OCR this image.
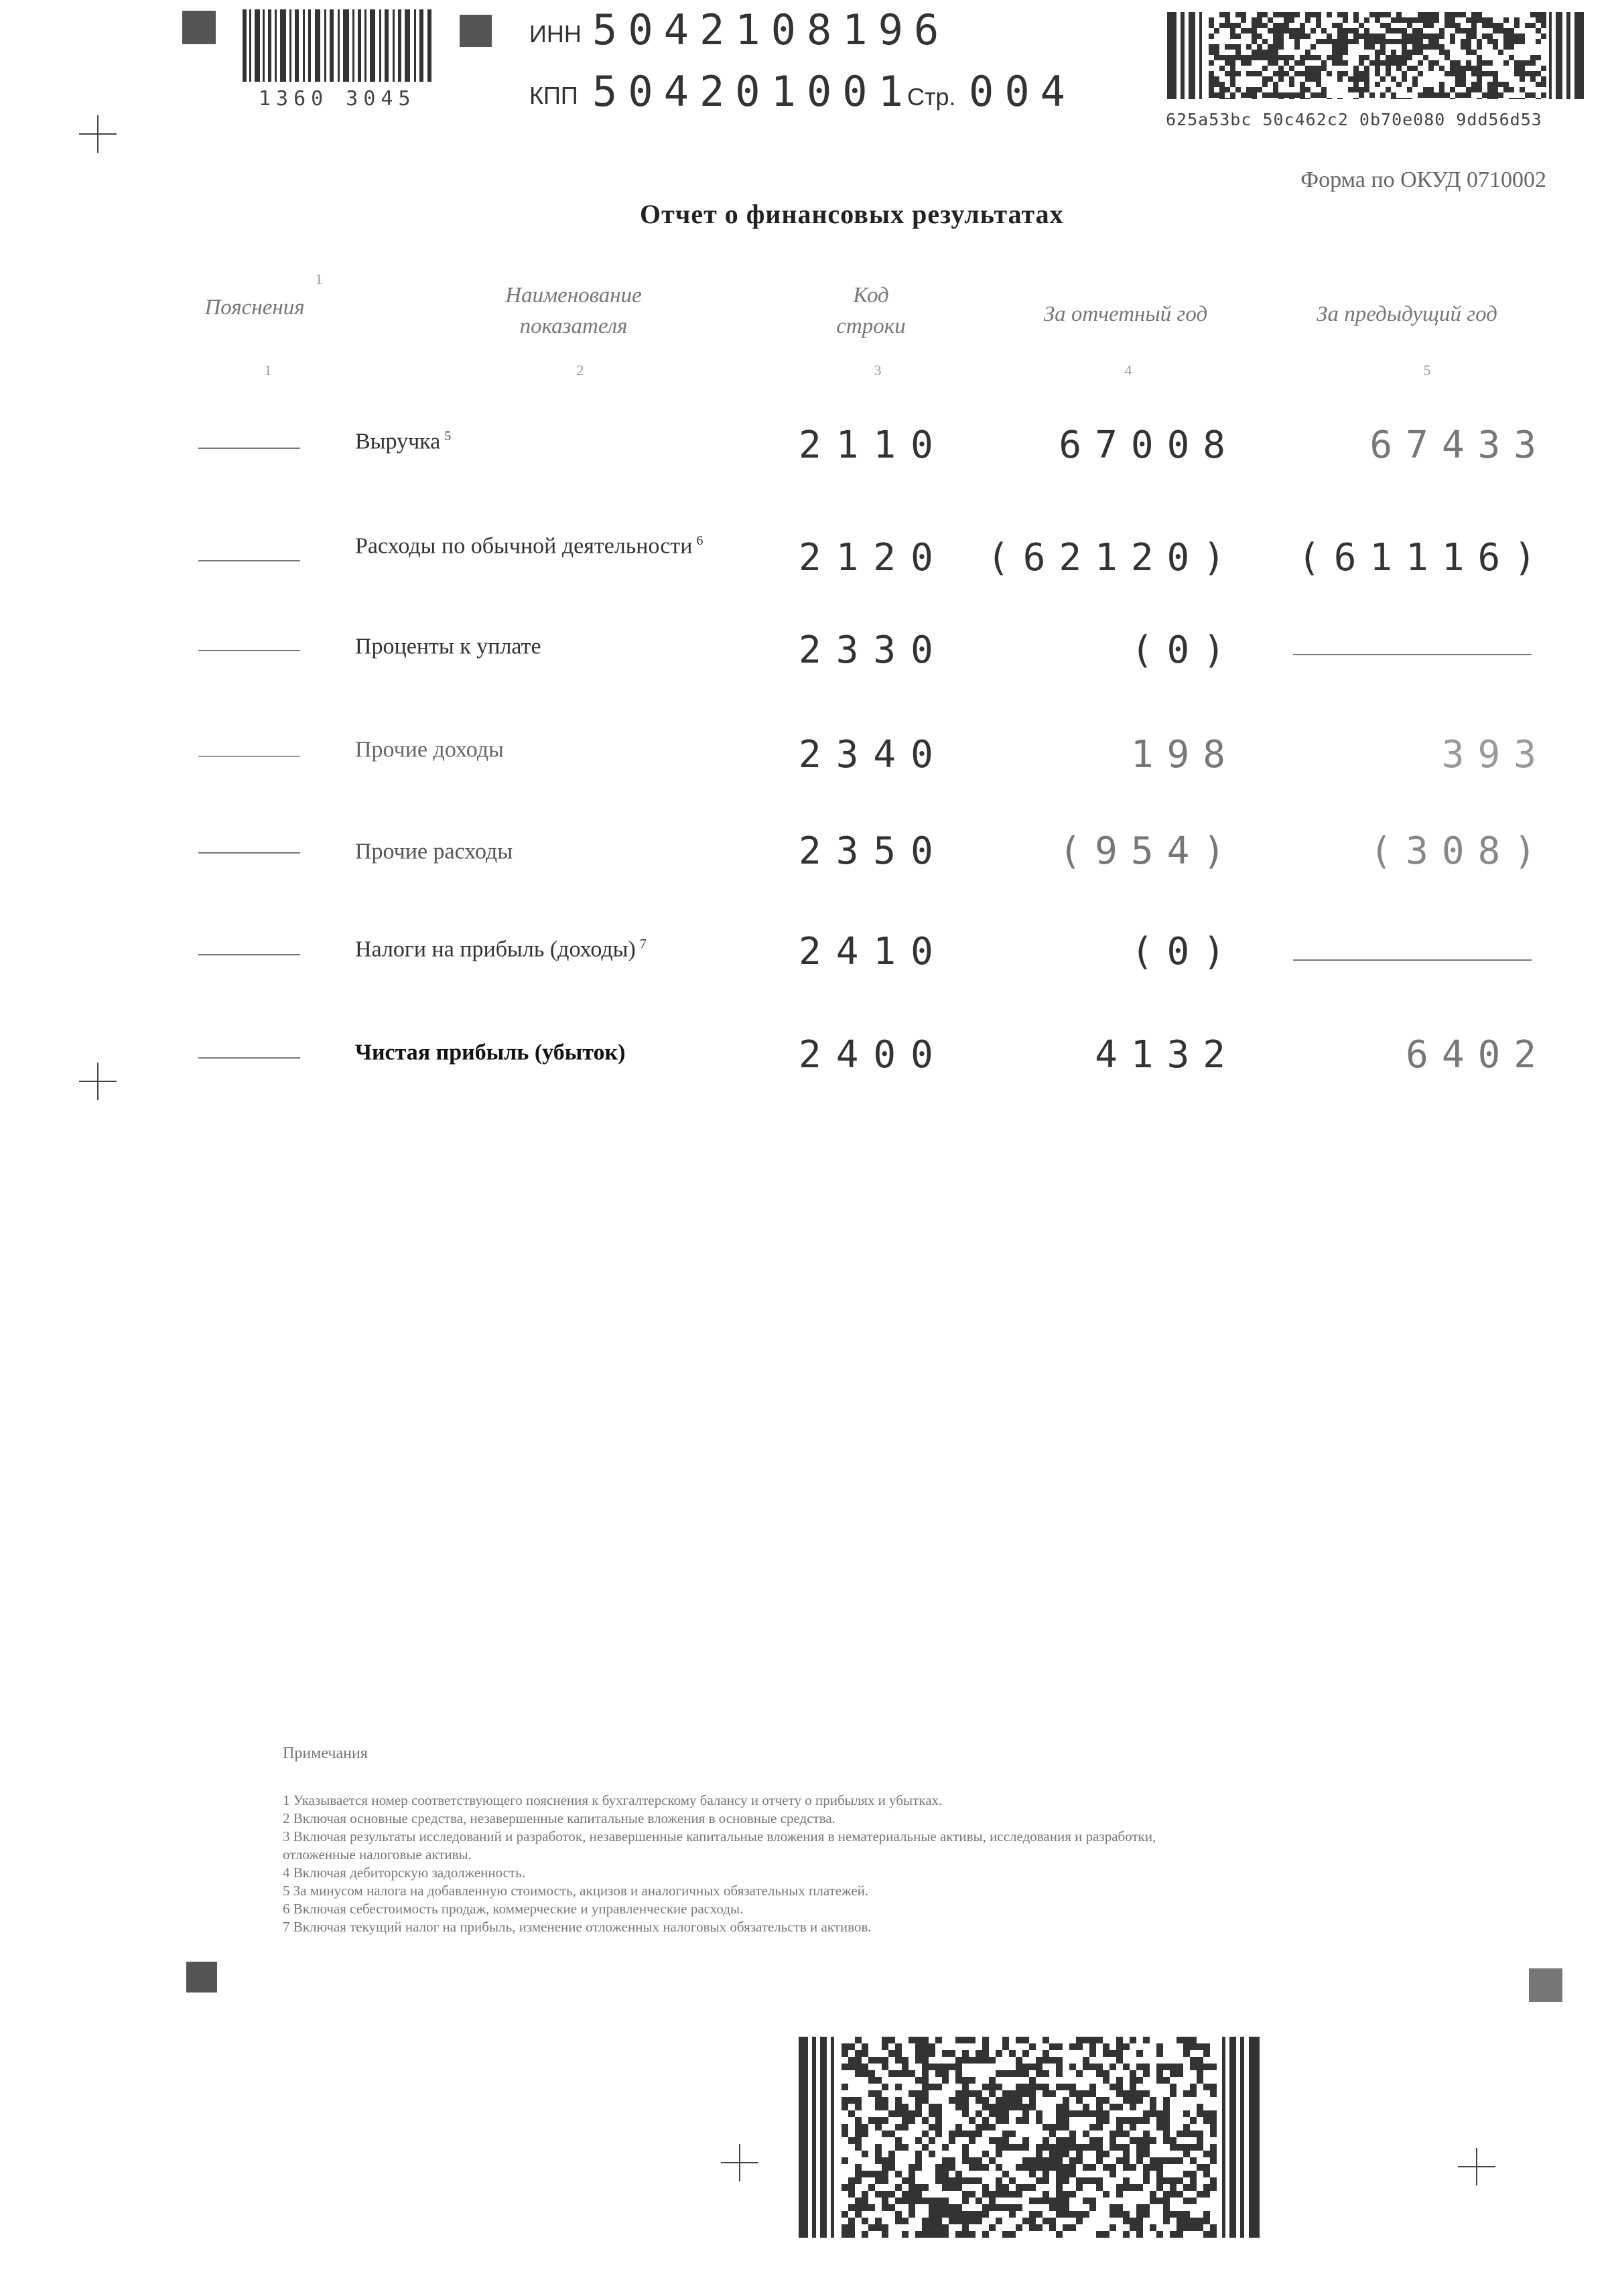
1360 3045
ИНН 5042108196
КПП 504201001
Стр. 004
625a53bc 50c462c2 0b70e080 9dd56d53
Форма по ОКУД 0710002
Отчет о финансовых результатах
Пояснения
1
Наименование
показателя
Код
строки
За отчетный год	За предыдущий год
1	2	3	4	5
Выручка $^5$	2110	67008	67433
Расходы по обычной деятельности $^6$	2120 (62120) (61116)
Проценты к уплате	2330	(0)
Прочие доходы	2340	198	393
Прочие расходы	2350	(954)	(308)
Налоги на прибыль (доходы) $^7$	2410	(0)
Чистая прибыль (убыток)	2400	4132	6402
Примечания
1 Указывается номер соответствующего пояснения к бухгалтерскому балансу и отчету о прибылях и убытках.
2 Включая основные средства, незавершенные капитальные вложения в основные средства.
3 Включая результаты исследований и разработок, незавершенные капитальные вложения в нематериальные активы, исследования и разработки,
отложенные налоговые активы.
4 Включая дебиторскую задолженность.
5 За минусом налога на добавленную стоимость, акцизов и аналогичных обязательных платежей.
6 Включая себестоимость продаж, коммерческие и управленческие расходы.
7 Включая текущий налог на прибыль, изменение отложенных налоговых обязательств и активов.
